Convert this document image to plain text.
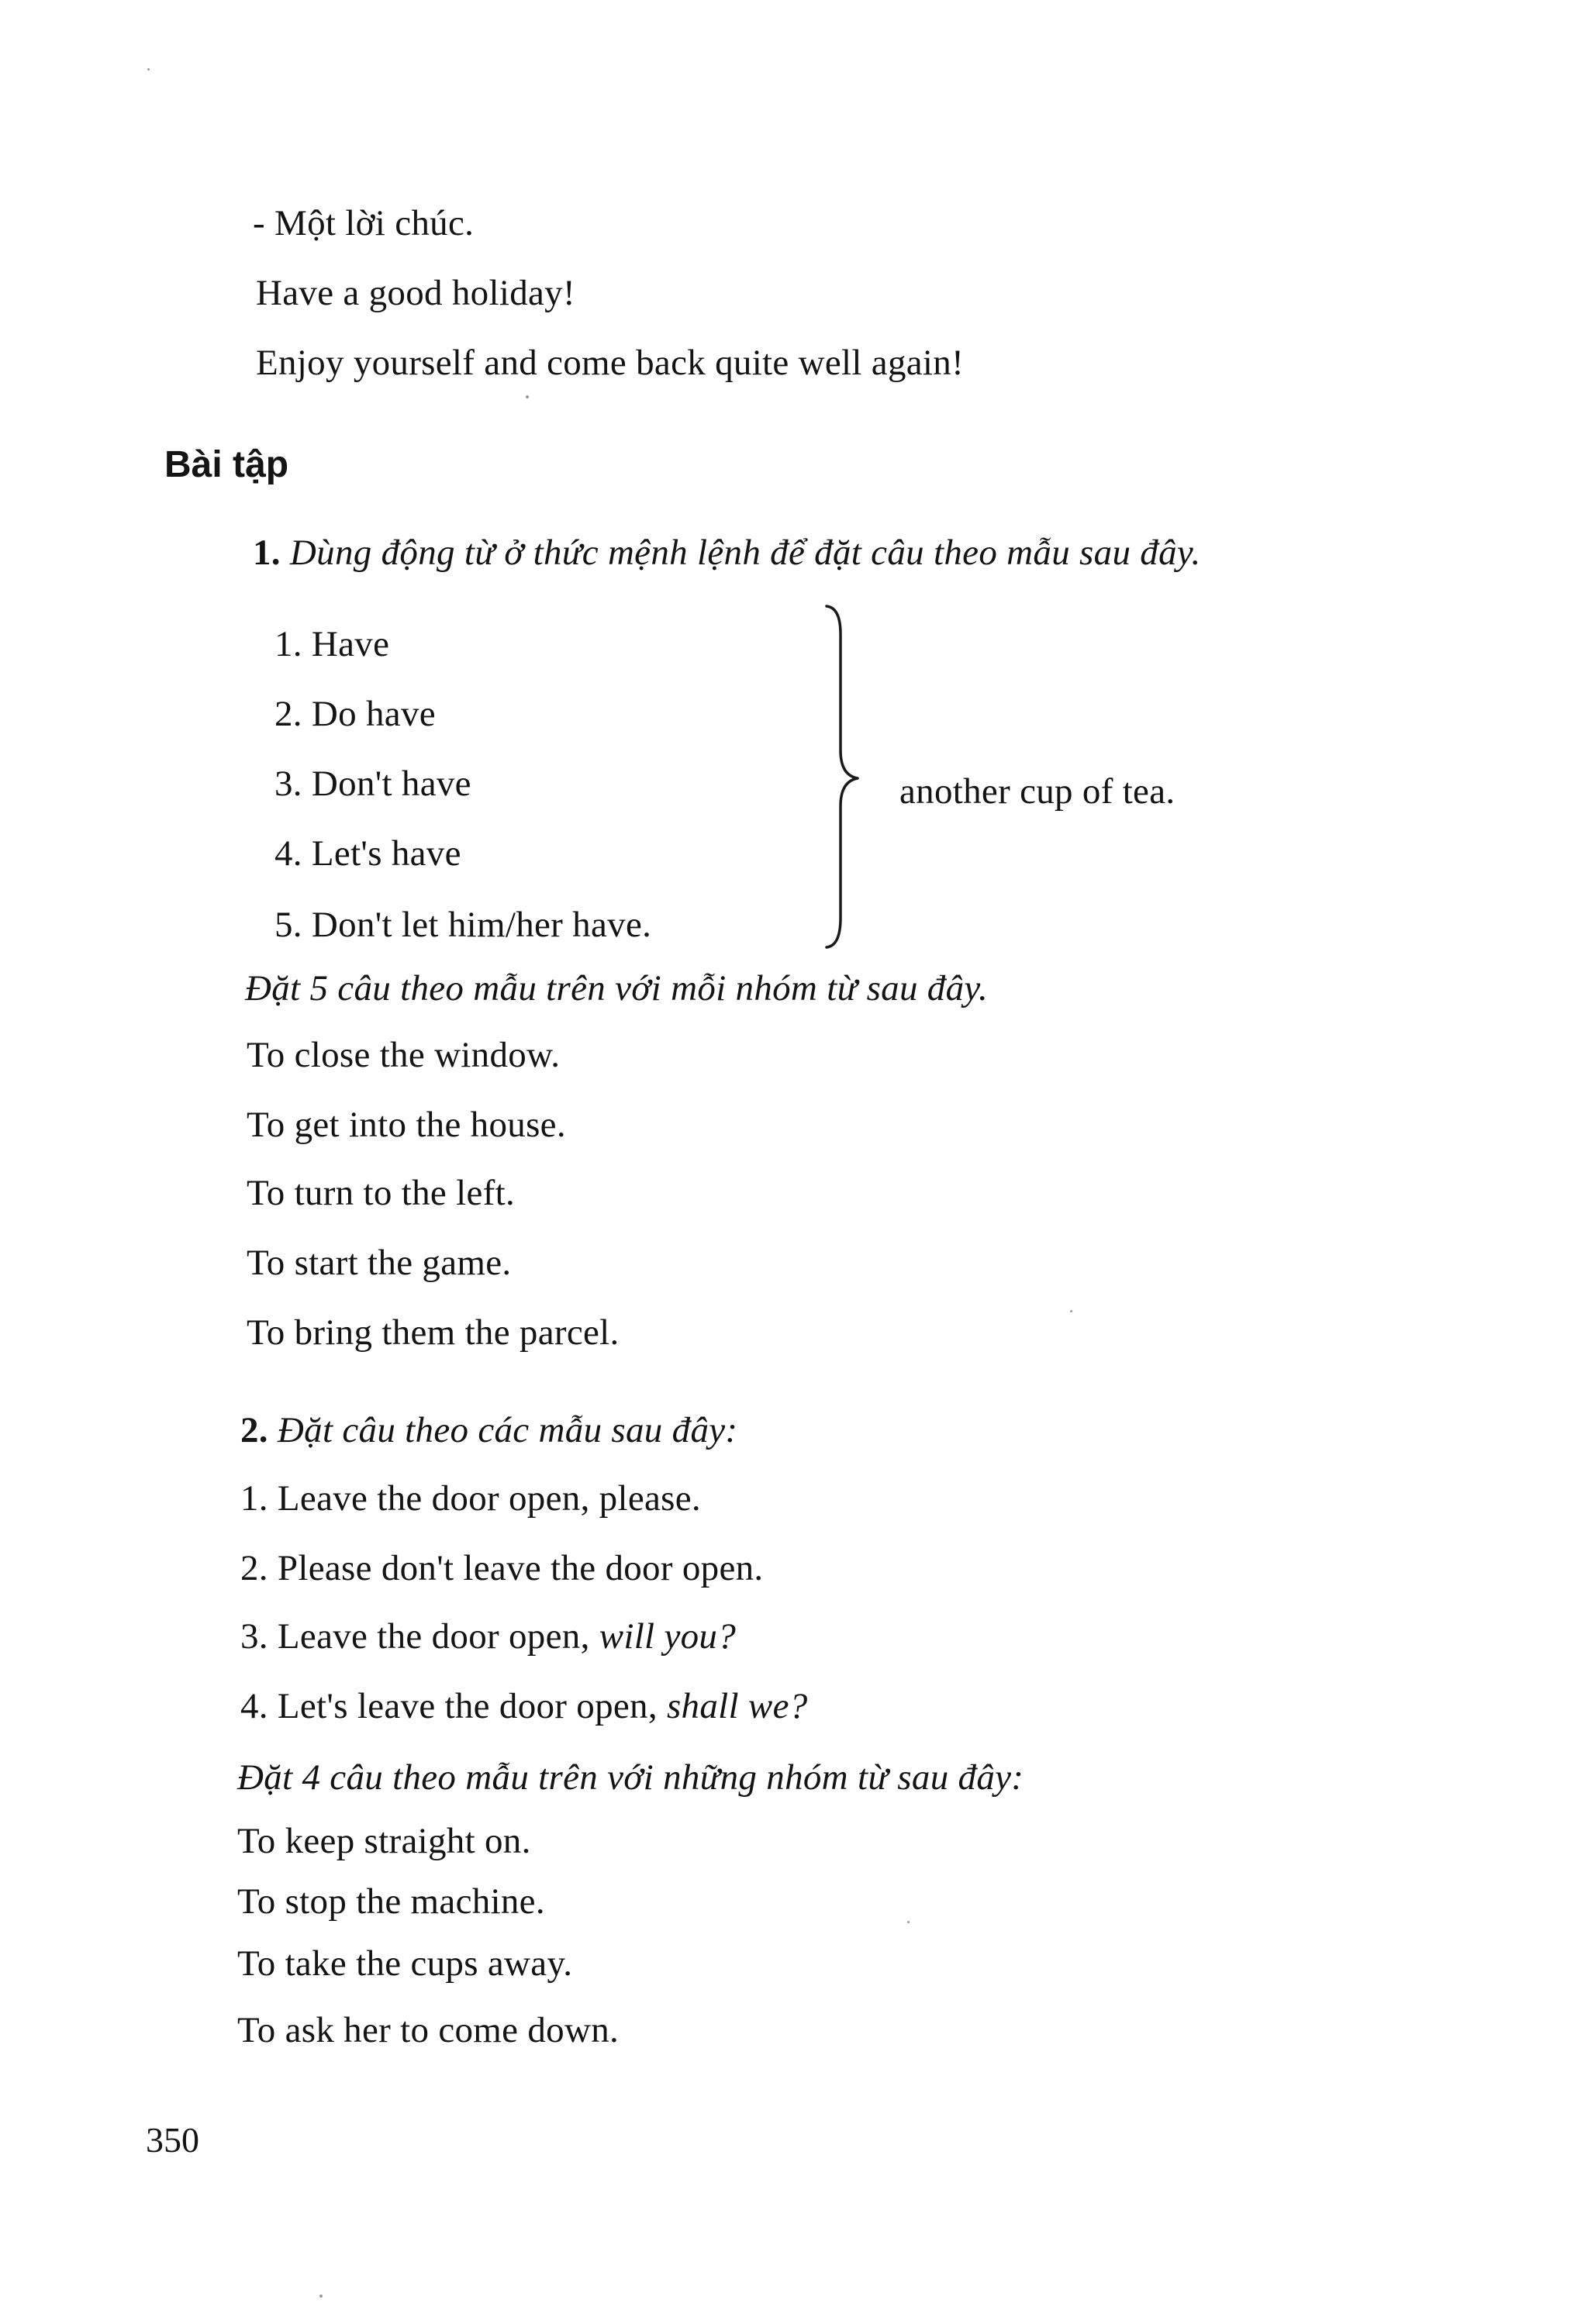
- Một lời chúc.
Have a good holiday!
Enjoy yourself and come back quite well again!
Bài tập
1. Dùng động từ ở thức mệnh lệnh để đặt câu theo mẫu sau đây.
1. Have
2. Do have
3. Don't have
4. Let's have
5. Don't let him/her have.
another cup of tea.
Đặt 5 câu theo mẫu trên với mỗi nhóm từ sau đây.
To close the window.
To get into the house.
To turn to the left.
To start the game.
To bring them the parcel.
2. Đặt câu theo các mẫu sau đây:
1. Leave the door open, please.
2. Please don't leave the door open.
3. Leave the door open, will you?
4. Let's leave the door open, shall we?
Đặt 4 câu theo mẫu trên với những nhóm từ sau đây:
To keep straight on.
To stop the machine.
To take the cups away.
To ask her to come down.
350
